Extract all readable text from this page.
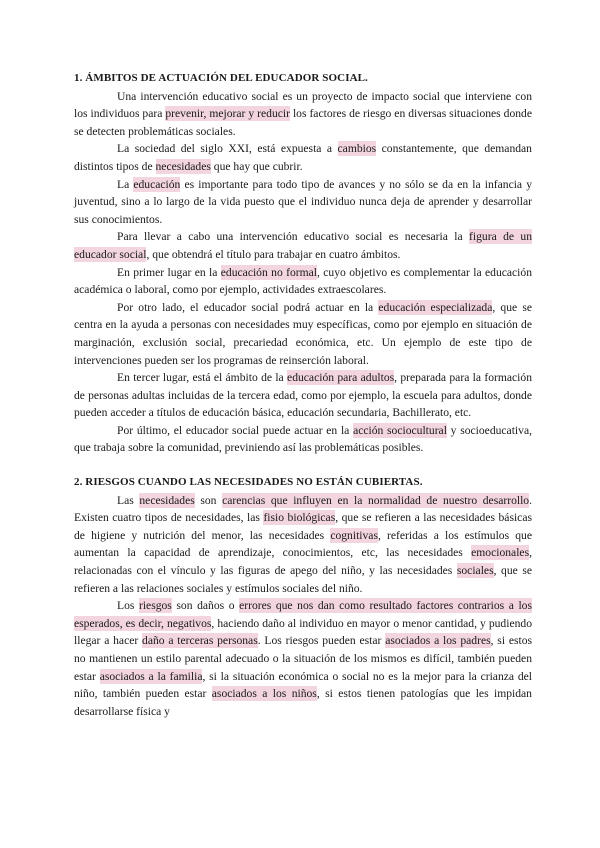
1. ÁMBITOS DE ACTUACIÓN DEL EDUCADOR SOCIAL.

Una intervención educativo social es un proyecto de impacto social que interviene con los individuos para prevenir, mejorar y reducir los factores de riesgo en diversas situaciones donde se detecten problemáticas sociales.

La sociedad del siglo XXI, está expuesta a cambios constantemente, que demandan distintos tipos de necesidades que hay que cubrir.

La educación es importante para todo tipo de avances y no sólo se da en la infancia y juventud, sino a lo largo de la vida puesto que el individuo nunca deja de aprender y desarrollar sus conocimientos.

Para llevar a cabo una intervención educativo social es necesaria la figura de un educador social, que obtendrá el título para trabajar en cuatro ámbitos.

En primer lugar en la educación no formal, cuyo objetivo es complementar la educación académica o laboral, como por ejemplo, actividades extraescolares.

Por otro lado, el educador social podrá actuar en la educación especializada, que se centra en la ayuda a personas con necesidades muy específicas, como por ejemplo en situación de marginación, exclusión social, precariedad económica, etc. Un ejemplo de este tipo de intervenciones pueden ser los programas de reinserción laboral.

En tercer lugar, está el ámbito de la educación para adultos, preparada para la formación de personas adultas incluidas de la tercera edad, como por ejemplo, la escuela para adultos, donde pueden acceder a títulos de educación básica, educación secundaria, Bachillerato, etc.

Por último, el educador social puede actuar en la acción sociocultural y socioeducativa, que trabaja sobre la comunidad, previniendo así las problemáticas posibles.

2. RIESGOS CUANDO LAS NECESIDADES NO ESTÁN CUBIERTAS.

Las necesidades son carencias que influyen en la normalidad de nuestro desarrollo. Existen cuatro tipos de necesidades, las fisio biológicas, que se refieren a las necesidades básicas de higiene y nutrición del menor, las necesidades cognitivas, referidas a los estímulos que aumentan la capacidad de aprendizaje, conocimientos, etc, las necesidades emocionales, relacionadas con el vínculo y las figuras de apego del niño, y las necesidades sociales, que se refieren a las relaciones sociales y estímulos sociales del niño.

Los riesgos son daños o errores que nos dan como resultado factores contrarios a los esperados, es decir, negativos, haciendo daño al individuo en mayor o menor cantidad, y pudiendo llegar a hacer daño a terceras personas. Los riesgos pueden estar asociados a los padres, si estos no mantienen un estilo parental adecuado o la situación de los mismos es difícil, también pueden estar asociados a la familia, si la situación económica o social no es la mejor para la crianza del niño, también pueden estar asociados a los niños, si estos tienen patologías que les impidan desarrollarse física y
